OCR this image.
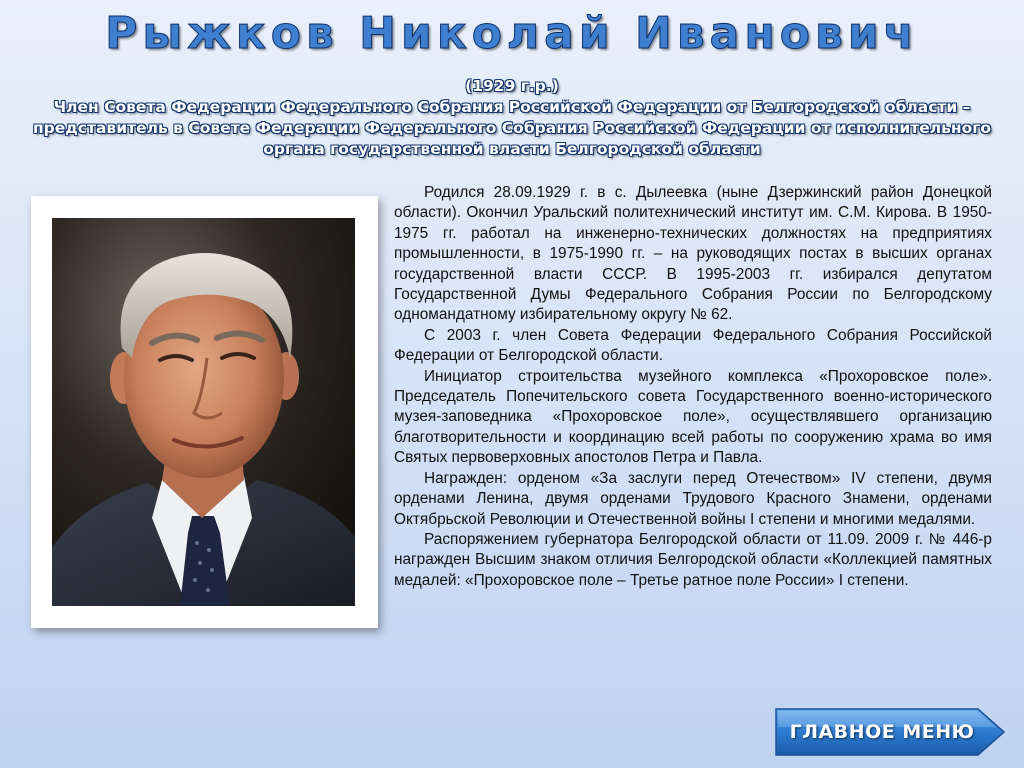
Рыжков Николай Иванович
(1929 г.р.)
Член Совета Федерации Федерального Собрания Российской Федерации от Белгородской области – представитель в Совете Федерации Федерального Собрания Российской Федерации от исполнительного органа государственной власти Белгородской области

Родился 28.09.1929 г. в с. Дылеевка (ныне Дзержинский район Донецкой области). Окончил Уральский политехнический институт им. С.М. Кирова. В 1950-1975 гг. работал на инженерно-технических должностях на предприятиях промышленности, в 1975-1990 гг. – на руководящих постах в высших органах государственной власти СССР. В 1995-2003 гг. избирался депутатом Государственной Думы Федерального Собрания России по Белгородскому одномандатному избирательному округу № 62.

С 2003 г. член Совета Федерации Федерального Собрания Российской Федерации от Белгородской области.

Инициатор строительства музейного комплекса «Прохоровское поле». Председатель Попечительского совета Государственного военно-исторического музея-заповедника «Прохоровское поле», осуществлявшего организацию благотворительности и координацию всей работы по сооружению храма во имя Святых первоверховных апостолов Петра и Павла.

Награжден: орденом «За заслуги перед Отечеством» IV степени, двумя орденами Ленина, двумя орденами Трудового Красного Знамени, орденами Октябрьской Революции и Отечественной войны I степени и многими медалями.

Распоряжением губернатора Белгородской области от 11.09. 2009 г. № 446-р награжден Высшим знаком отличия Белгородской области «Коллекцией памятных медалей: «Прохоровское поле – Третье ратное поле России» I степени.

ГЛАВНОЕ МЕНЮ
